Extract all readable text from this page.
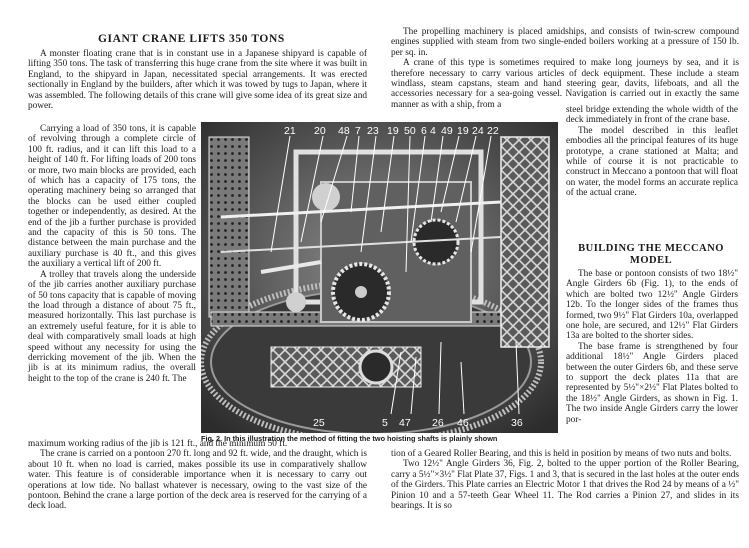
GIANT CRANE LIFTS 350 TONS

A monster floating crane that is in constant use in a Japanese shipyard is capable of lifting 350 tons. The task of transferring this huge crane from the site where it was built in England, to the shipyard in Japan, necessitated special arrangements. It was erected sectionally in England by the builders, after which it was towed by tugs to Japan, where it was assembled. The following details of this crane will give some idea of its great size and power.

Carrying a load of 350 tons, it is capable of revolving through a complete circle of 100 ft. radius, and it can lift this load to a height of 140 ft. For lifting loads of 200 tons or more, two main blocks are provided, each of which has a capacity of 175 tons, the operating machinery being so arranged that the blocks can be used either coupled together or independently, as desired. At the end of the jib a further purchase is provided and the capacity of this is 50 tons. The distance between the main purchase and the auxiliary purchase is 40 ft., and this gives the auxiliary a vertical lift of 200 ft.

A trolley that travels along the underside of the jib carries another auxiliary purchase of 50 tons capacity that is capable of moving the load through a distance of about 75 ft., measured horizontally. This last purchase is an extremely useful feature, for it is able to deal with comparatively small loads at high speed without any necessity for using the derricking movement of the jib. When the jib is at its minimum radius, the overall height to the top of the crane is 240 ft. The

maximum working radius of the jib is 121 ft., and the minimum 50 ft.

The crane is carried on a pontoon 270 ft. long and 92 ft. wide, and the draught, which is about 10 ft. when no load is carried, makes possible its use in comparatively shallow water. This feature is of considerable importance when it is necessary to carry out operations at low tide. No ballast whatever is necessary, owing to the vast size of the pontoon. Behind the crane a large portion of the deck area is reserved for the carrying of a deck load.

The propelling machinery is placed amidships, and consists of twin-screw compound engines supplied with steam from two single-ended boilers working at a pressure of 150 lb. per sq. in.

A crane of this type is sometimes required to make long journeys by sea, and it is therefore necessary to carry various articles of deck equipment. These include a steam windlass, steam capstans, steam and hand steering gear, davits, lifeboats, and all the accessories necessary for a sea-going vessel. Navigation is carried out in exactly the same manner as with a ship, from a

steel bridge extending the whole width of the deck immediately in front of the crane base.

The model described in this leaflet embodies all the principal features of its huge prototype, a crane stationed at Malta; and while of course it is not practicable to construct in Meccano a pontoon that will float on water, the model forms an accurate replica of the actual crane.

BUILDING THE MECCANO
MODEL

The base or pontoon consists of two 18½" Angle Girders 6b (Fig. 1), to the ends of which are bolted two 12½" Angle Girders 12b. To the longer sides of the frames thus formed, two 9½" Flat Girders 10a, overlapped one hole, are secured, and 12½" Flat Girders 13a are bolted to the shorter sides.

The base frame is strengthened by four additional 18½" Angle Girders placed between the outer Girders 6b, and these serve to support the deck plates 11a that are represented by 5½"×2½" Flat Plates bolted to the 18½" Angle Girders, as shown in Fig. 1. The two inside Angle Girders carry the lower por-

tion of a Geared Roller Bearing, and this is held in position by means of two nuts and bolts.

Two 12½" Angle Girders 36, Fig. 2, bolted to the upper portion of the Roller Bearing, carry a 5½"×3½" Flat Plate 37, Figs. 1 and 3, that is secured in the last holes at the outer ends of the Girders. This Plate carries an Electric Motor 1 that drives the Rod 24 by means of a ½" Pinion 10 and a 57-teeth Gear Wheel 11. The Rod carries a Pinion 27, and slides in its bearings. It is so

21 20 48 7 23 19 50 6 4 49 19 24 22
25	5 47 26 46	36
Fig. 2. In this illustration the method of fitting the two hoisting shafts is plainly shown
